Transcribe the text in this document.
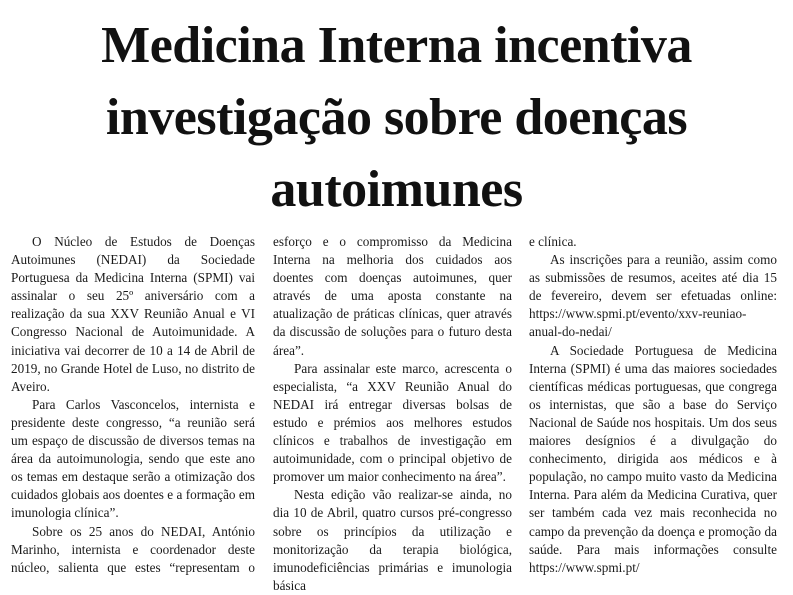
Medicina Interna incentiva
investigação sobre doenças
autoimunes

O Núcleo de Estudos de Doenças Autoimunes (NEDAI) da Sociedade Portuguesa da Medicina Interna (SPMI) vai assinalar o seu 25º aniversário com a realização da sua XXV Reunião Anual e VI Congresso Nacional de Autoimunidade. A iniciativa vai decorrer de 10 a 14 de Abril de 2019, no Grande Hotel de Luso, no distrito de Aveiro.

Para Carlos Vasconcelos, internista e presidente deste congresso, “a reunião será um espaço de discussão de diversos temas na área da autoimunologia, sendo que este ano os temas em destaque serão a otimização dos cuidados globais aos doentes e a formação em imunologia clínica”.

Sobre os 25 anos do NEDAI, António Marinho, internista e coordenador deste núcleo, salienta que estes “representam o

esforço e o compromisso da Medicina Interna na melhoria dos cuidados aos doentes com doenças autoimunes, quer através de uma aposta constante na atualização de práticas clínicas, quer através da discussão de soluções para o futuro desta área”.

Para assinalar este marco, acrescenta o especialista, “a XXV Reunião Anual do NEDAI irá entregar diversas bolsas de estudo e prémios aos melhores estudos clínicos e trabalhos de investigação em autoimunidade, com o principal objetivo de promover um maior conhecimento na área”.

Nesta edição vão realizar-se ainda, no dia 10 de Abril, quatro cursos pré-congresso sobre os princípios da utilização e monitorização da terapia biológica, imunodeficiências primárias e imunologia básica

e clínica.

As inscrições para a reunião, assim como as submissões de resumos, aceites até dia 15 de fevereiro, devem ser efetuadas online: https://www.spmi.pt/evento/xxv-reuniao-anual-do-nedai/

A Sociedade Portuguesa de Medicina Interna (SPMI) é uma das maiores sociedades científicas médicas portuguesas, que congrega os internistas, que são a base do Serviço Nacional de Saúde nos hospitais. Um dos seus maiores desígnios é a divulgação do conhecimento, dirigida aos médicos e à população, no campo muito vasto da Medicina Interna. Para além da Medicina Curativa, quer ser também cada vez mais reconhecida no campo da prevenção da doença e promoção da saúde. Para mais informações consulte https://www.spmi.pt/
